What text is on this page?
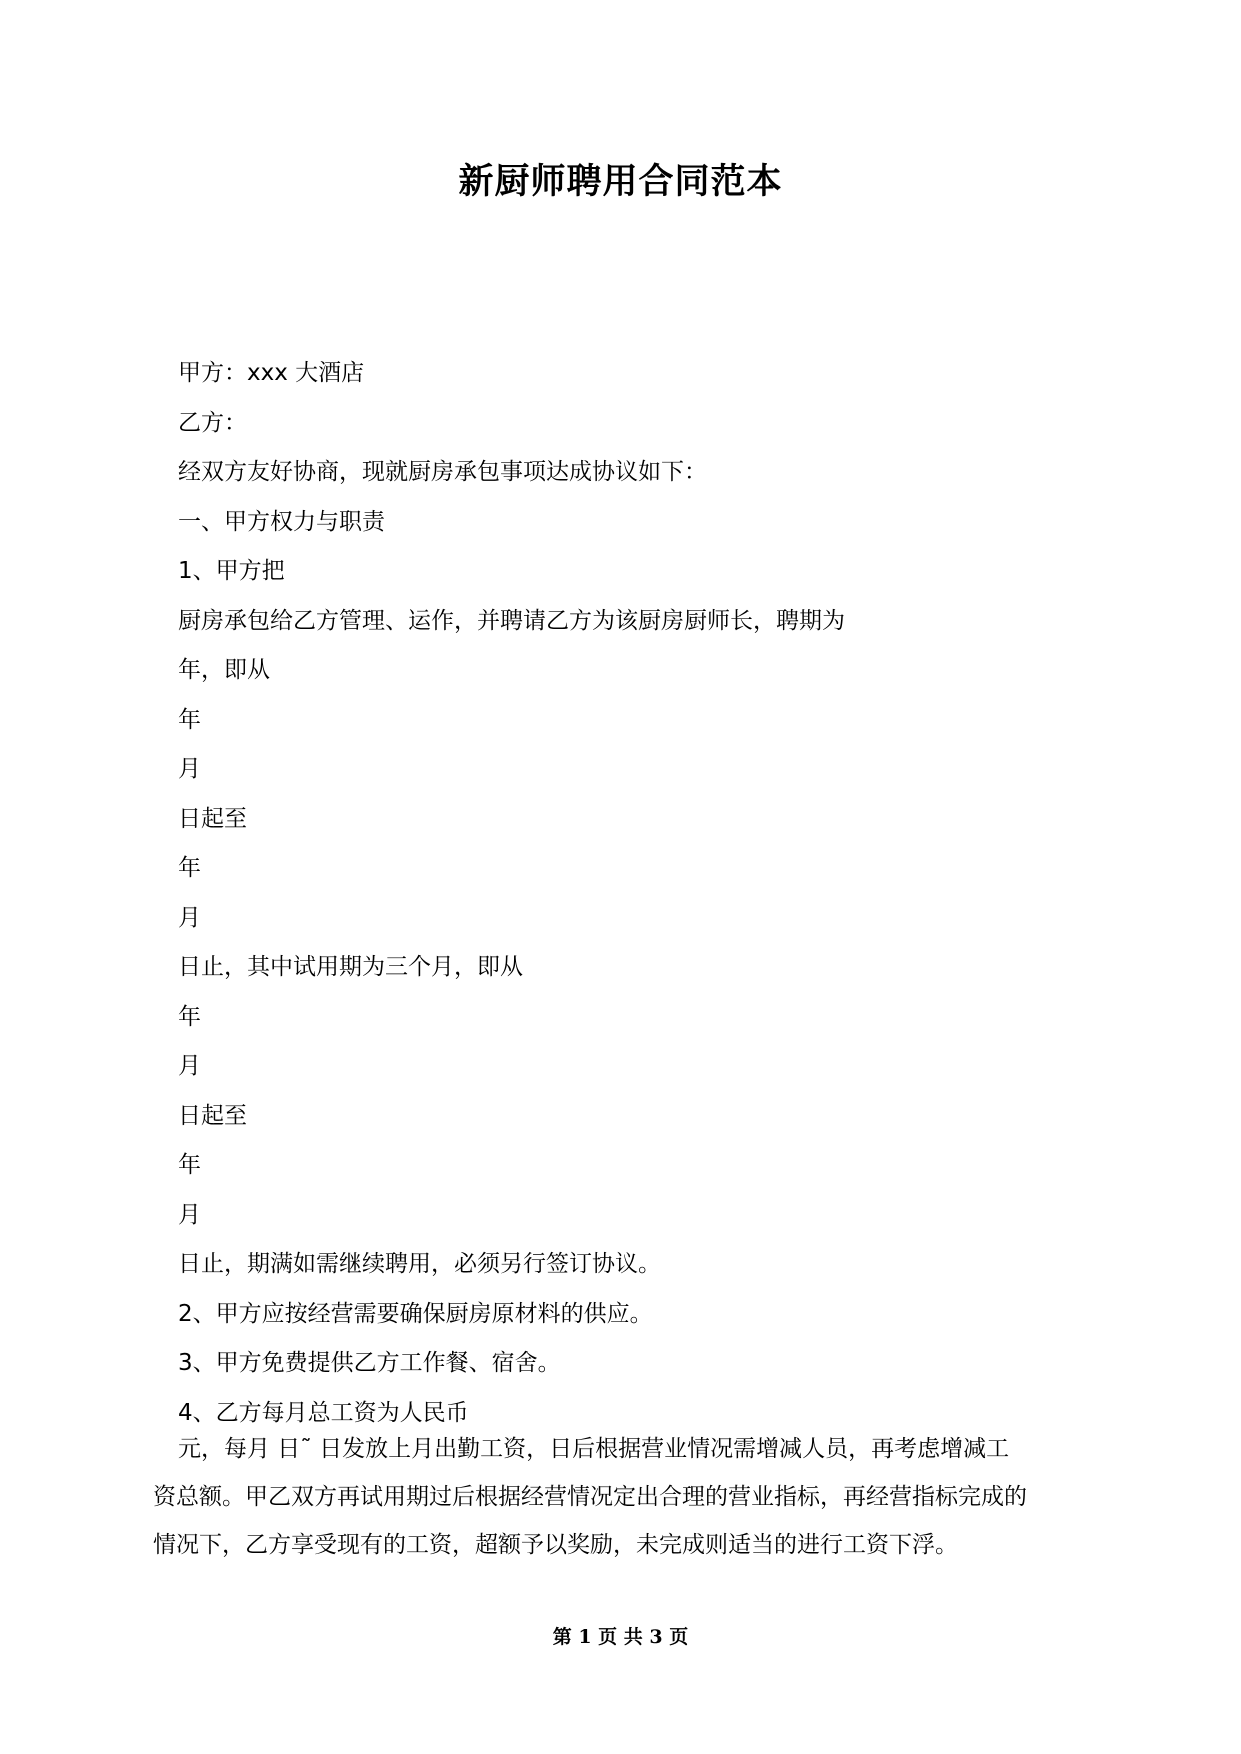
新厨师聘用合同范本
甲方：xxx 大酒店
乙方：
经双方友好协商，现就厨房承包事项达成协议如下：
一、甲方权力与职责
1、甲方把
厨房承包给乙方管理、运作，并聘请乙方为该厨房厨师长，聘期为
年，即从
年
月
日起至
年
月
日止，其中试用期为三个月，即从
年
月
日起至
年
月
日止，期满如需继续聘用，必须另行签订协议。
2、甲方应按经营需要确保厨房原材料的供应。
3、甲方免费提供乙方工作餐、宿舍。
4、乙方每月总工资为人民币
元，每月 日˜ 日发放上月出勤工资，日后根据营业情况需增减人员，再考虑增减工
资总额。甲乙双方再试用期过后根据经营情况定出合理的营业指标，再经营指标完成的
情况下，乙方享受现有的工资，超额予以奖励，未完成则适当的进行工资下浮。
第 1 页 共 3 页
